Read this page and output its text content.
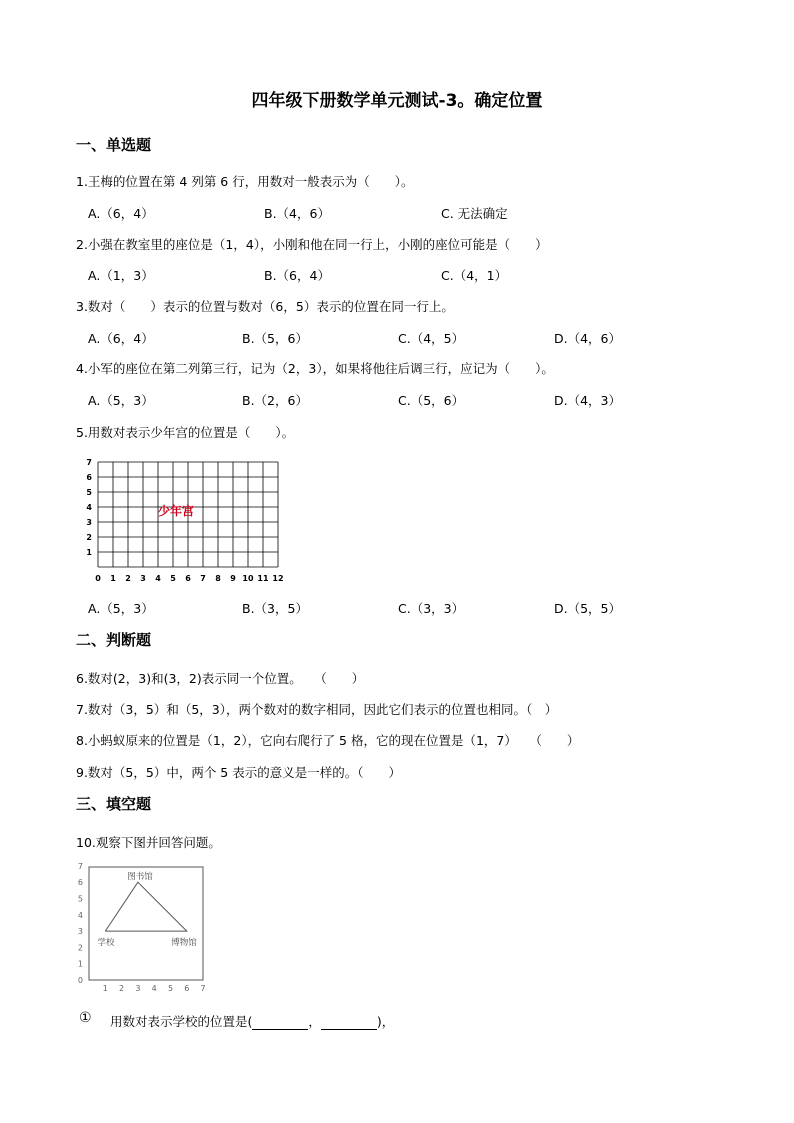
四年级下册数学单元测试-3。确定位置
一、单选题
1.王梅的位置在第 4 列第 6 行，用数对一般表示为（　　）。
A.（6，4）	B.（4，6）	C. 无法确定
2.小强在教室里的座位是（1，4），小刚和他在同一行上，小刚的座位可能是（　　）
A.（1，3）	B.（6，4）	C.（4，1）
3.数对（　　）表示的位置与数对（6，5）表示的位置在同一行上。
A.（6，4）	B.（5，6）	C.（4，5）	D.（4，6）
4.小军的座位在第二列第三行，记为（2，3），如果将他往后调三行，应记为（　　）。
A.（5，3）	B.（2，6）	C.（5，6）	D.（4，3）
5.用数对表示少年宫的位置是（　　）。
0 1 2 3 4 5 6 7 8 9 10 11 12
1
2
3
4
5
6
7
少年宫
A.（5，3）	B.（3，5）	C.（3，3）	D.（5，5）
二、判断题
6.数对(2，3)和(3，2)表示同一个位置。　　（　　）
7.数对（3，5）和（5，3），两个数对的数字相同，因此它们表示的位置也相同。（　）
8.小蚂蚁原来的位置是（1，2），它向右爬行了 5 格，它的现在位置是（1，7）　　（　　）
9.数对（5，5）中，两个 5 表示的意义是一样的。（　　）
三、填空题
10.观察下图并回答问题。
1 2 3 4 5 6 7
0
1
2
3
4
5
6
7
图书馆
学校	博物馆
① 用数对表示学校的位置是(	，	)，
